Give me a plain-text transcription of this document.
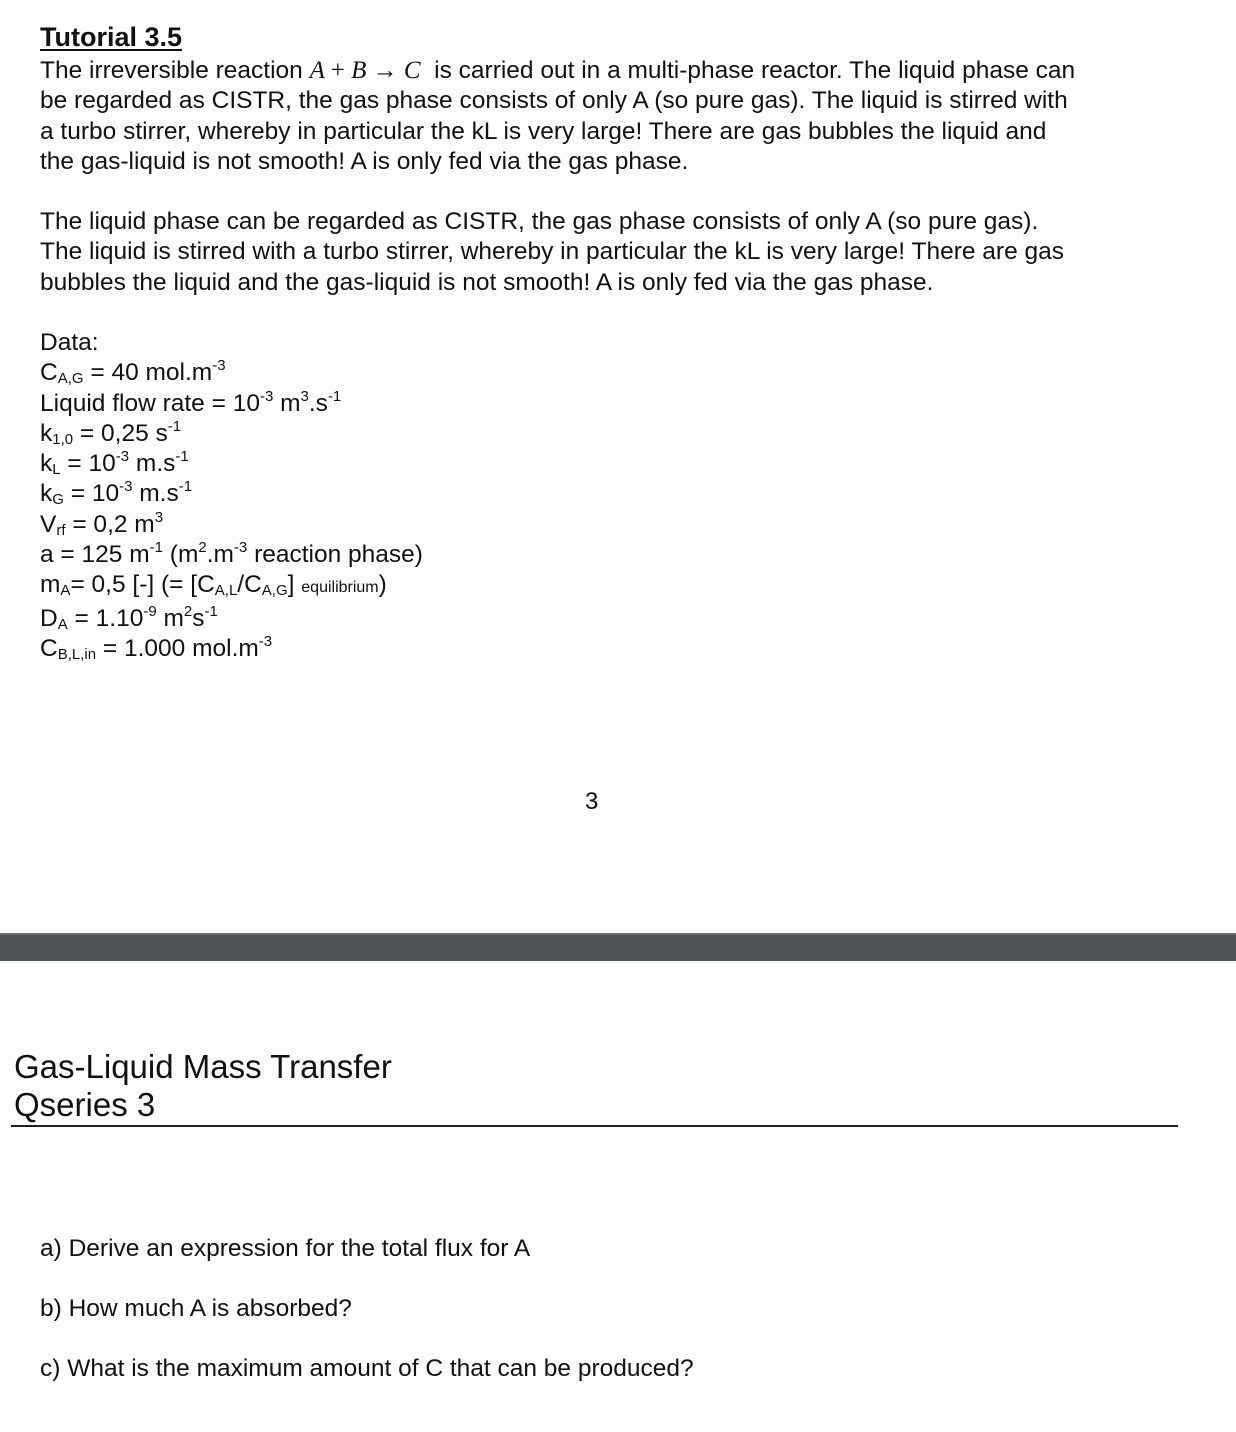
Tutorial 3.5

The irreversible reaction A + B → C is carried out in a multi-phase reactor. The liquid phase can

be regarded as CISTR, the gas phase consists of only A (so pure gas). The liquid is stirred with

a turbo stirrer, whereby in particular the kL is very large! There are gas bubbles the liquid and

the gas-liquid is not smooth! A is only fed via the gas phase.

The liquid phase can be regarded as CISTR, the gas phase consists of only A (so pure gas).

The liquid is stirred with a turbo stirrer, whereby in particular the kL is very large! There are gas

bubbles the liquid and the gas-liquid is not smooth! A is only fed via the gas phase.

Data:
$C_{A,G} = 40$ $mol.m^{-3}$
Liquid flow rate = $10^{-3}$ $m^3.s^{-1}$
$k_{1,0} = 0,25$ $s^{-1}$
$k_L = 10^{-3}$ $m.s^{-1}$
$k_G = 10^{-3}$ $m.s^{-1}$
$V_{rf} = 0,2$ $m^3$
a = 125 $m^{-1}$ ($m^2.m^{-3}$ reaction phase)
$m_A= 0,5$ [-] (= $[C_{A,L}/C_{A,G}]$ equilibrium)
$D_A = 1.10^{-9}$ $m^2s^{-1}$
$C_{B,L,in} = 1.000$ $mol.m^{-3}$
3
Gas-Liquid Mass Transfer
Qseries 3
a) Derive an expression for the total flux for A
b) How much A is absorbed?
c) What is the maximum amount of C that can be produced?
